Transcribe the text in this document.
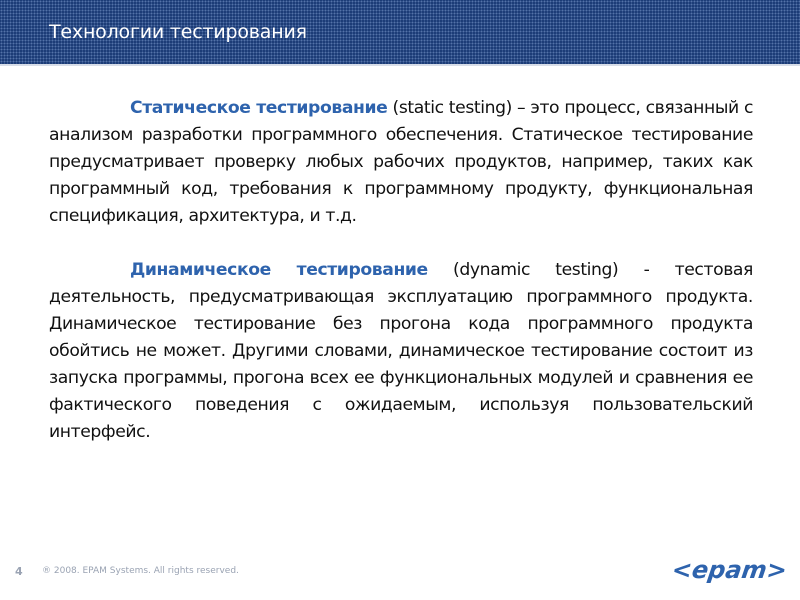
Технологии тестирования

Статическое тестирование (static testing) – это процесс, связанный с анализом разработки программного обеспечения. Статическое тестирование предусматривает проверку любых рабочих продуктов, например, таких как программный код, требования к программному продукту, функциональная спецификация, архитектура, и т.д.

Динамическое тестирование (dynamic testing) - тестовая деятельность, предусматривающая эксплуатацию программного продукта. Динамическое тестирование без прогона кода программного продукта обойтись не может. Другими словами, динамическое тестирование состоит из запуска программы, прогона всех ее функциональных модулей и сравнения ее фактического поведения с ожидаемым, используя пользовательский интерфейс.

4 ® 2008. EPAM Systems. All rights reserved.	<epam>
